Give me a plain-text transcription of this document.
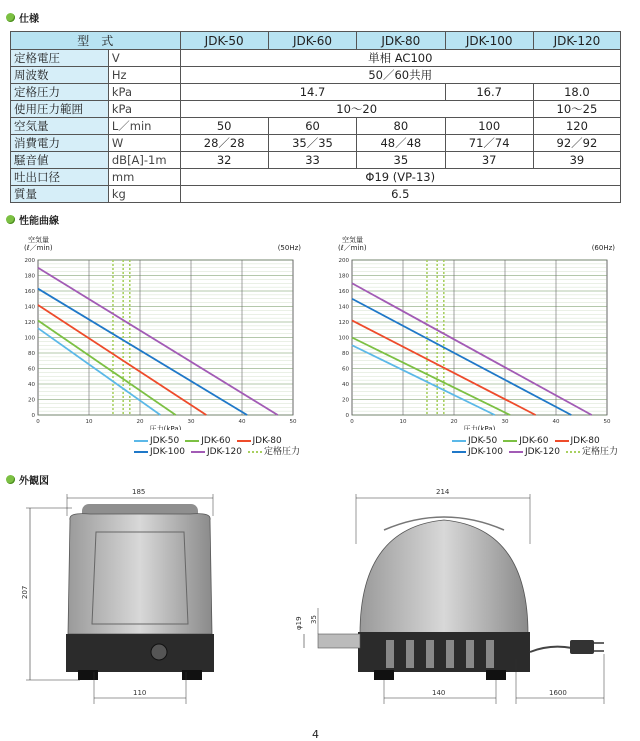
仕様
型　式		JDK-50	JDK-60	JDK-80	JDK-100	JDK-120
定格電圧	V	単相 AC100				
周波数	Hz	50／60共用				
定格圧力	kPa	14.7			16.7	18.0
使用圧力範囲	kPa	10〜20				10〜25
空気量	L／min	50	60	80	100	120
消費電力	W	28／28	35／35	48／48	71／74	92／92
騒音値	dB[A]-1m	32	33	35	37	39
吐出口径	mm	Φ19 (VP-13)				
質量	kg	6.5				
性能曲線
0
20
40
60
80
100
120
140
160
180
200
0	10	20	30	40	50
空気量
(ℓ／min)	(50Hz)
圧力(kPa)
JDK-50 JDK-60 JDK-80
JDK-100 JDK-120 定格圧力
0
20
40
60
80
100
120
140
160
180
200
0	10	20	30	40	50
空気量
(ℓ／min)	(60Hz)
圧力(kPa)
JDK-50 JDK-60 JDK-80
JDK-100 JDK-120 定格圧力
外観図
185
207
110
214
φ19 35
140	1600
4
